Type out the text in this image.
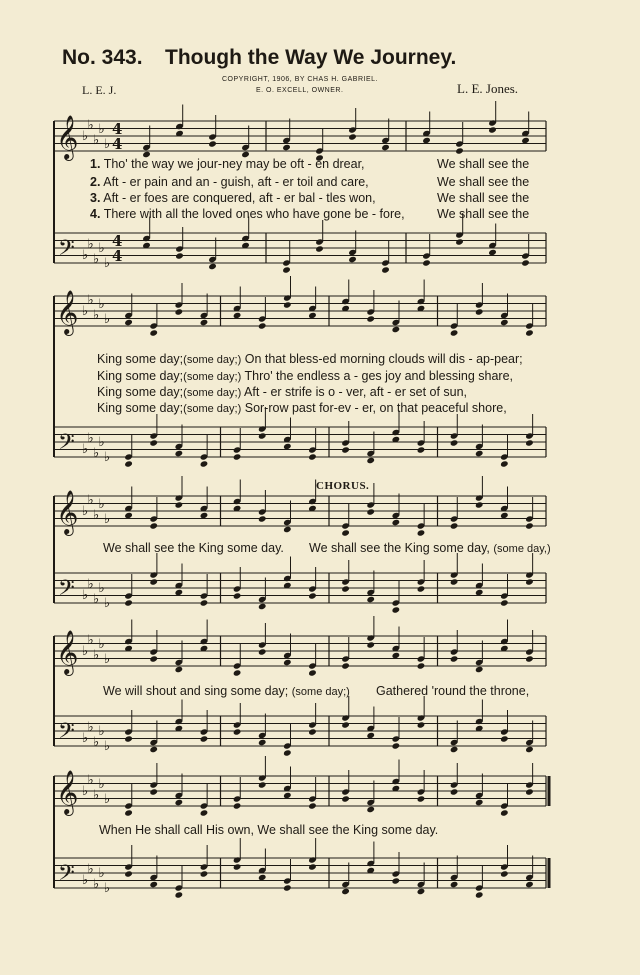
No. 343. Though the Way We Journey.
COPYRIGHT, 1906, BY CHAS H. GABRIEL.
E. O. EXCELL, OWNER.
L. E. J.	L. E. Jones.
𝄞
𝄢
♭
♭
♭
♭
♭
♭
♭
♭
♭
♭
4
4
4
4
𝄞
𝄢
♭
♭
♭
♭
♭
♭
♭
♭
♭
♭
𝄞
𝄢
♭
♭
♭
♭
♭
♭
♭
♭
♭
♭
𝄞
𝄢
♭
♭
♭
♭
♭
♭
♭
♭
♭
♭
𝄞
𝄢
♭
♭
♭
♭
♭
♭
♭
♭
♭
♭
1. Tho' the way we jour-ney may be oft - en drear,	We shall see the
2. Aft - er pain and an - guish, aft - er toil and care,	We shall see the
3. Aft - er foes are conquered, aft - er bal - tles won,	We shall see the
4. There with all the loved ones who have gone be - fore,	We shall see the
King some day;(some day;) On that bless-ed morning clouds will dis - ap-pear;
King some day;(some day;) Thro' the endless a - ges joy and blessing share,
King some day;(some day;) Aft - er strife is o - ver, aft - er set of sun,
King some day;(some day;) Sor-row past for-ev - er, on that peaceful shore,
CHORUS.
We shall see the King some day. We shall see the King some day, (some day,)
We will shout and sing some day; (some day;) Gathered 'round the throne,
When He shall call His own, We shall see the King some day.
